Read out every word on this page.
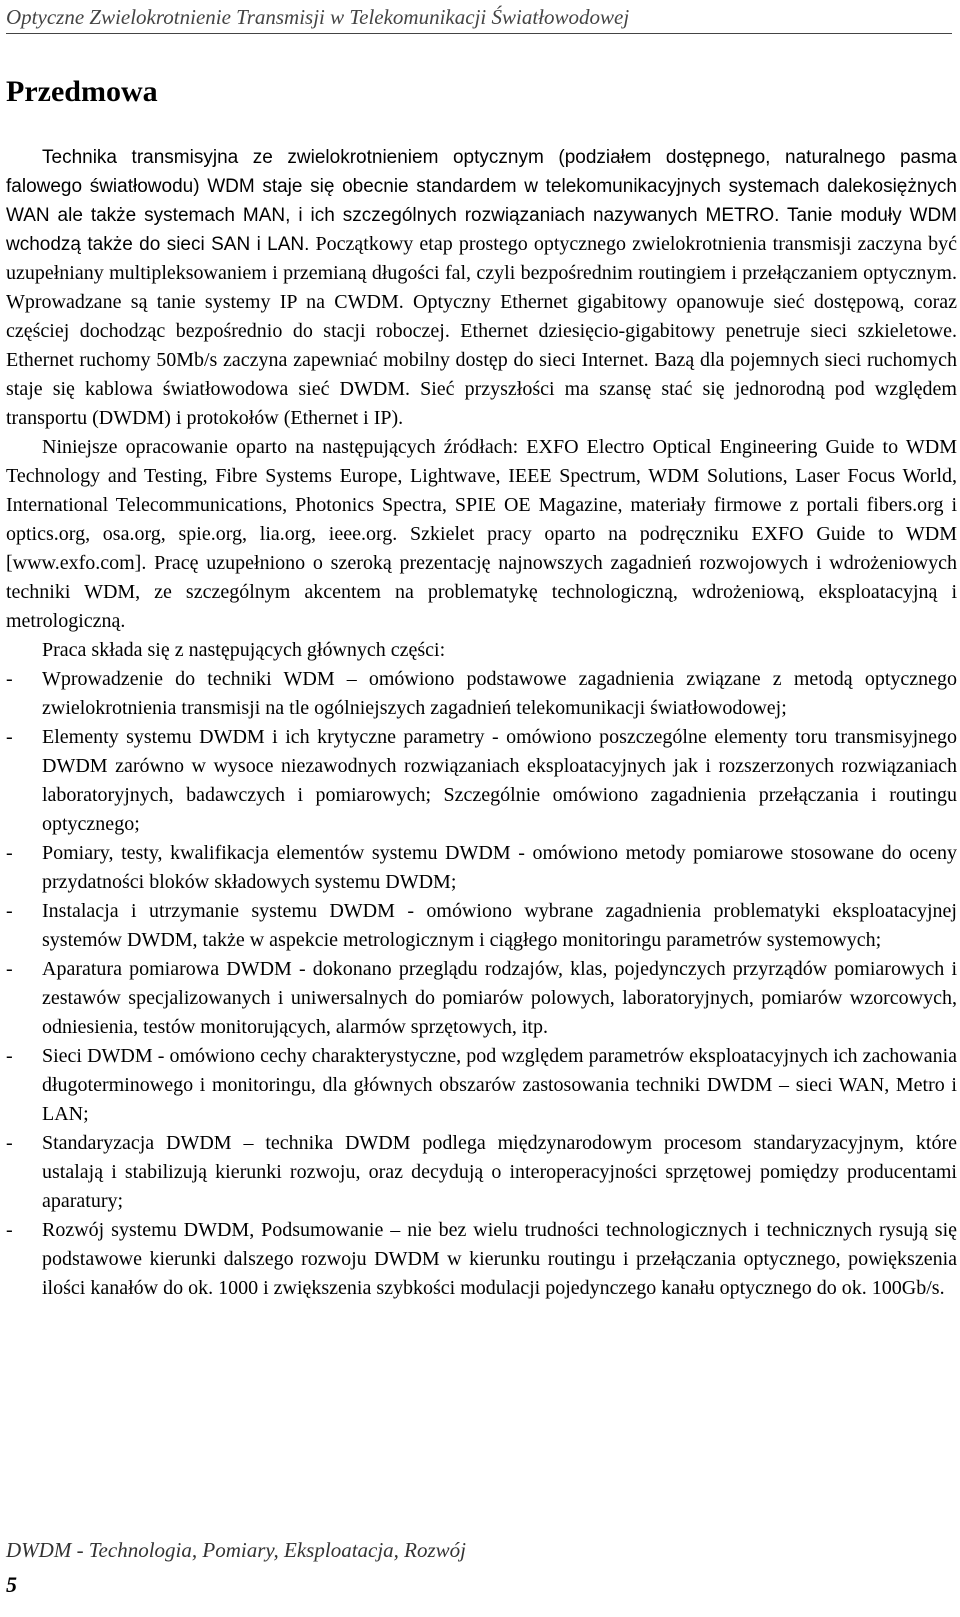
Optyczne Zwielokrotnienie Transmisji w Telekomunikacji Światłowodowej
Przedmowa

Technika transmisyjna ze zwielokrotnieniem optycznym (podziałem dostępnego, naturalnego pasma falowego światłowodu) WDM staje się obecnie standardem w telekomunikacyjnych systemach dalekosiężnych WAN ale także systemach MAN, i ich szczególnych rozwiązaniach nazywanych METRO. Tanie moduły WDM wchodzą także do sieci SAN i LAN. Początkowy etap prostego optycznego zwielokrotnienia transmisji zaczyna być uzupełniany multipleksowaniem i przemianą długości fal, czyli bezpośrednim routingiem i przełączaniem optycznym. Wprowadzane są tanie systemy IP na CWDM. Optyczny Ethernet gigabitowy opanowuje sieć dostępową, coraz częściej dochodząc bezpośrednio do stacji roboczej. Ethernet dziesięcio-gigabitowy penetruje sieci szkieletowe. Ethernet ruchomy 50Mb/s zaczyna zapewniać mobilny dostęp do sieci Internet. Bazą dla pojemnych sieci ruchomych staje się kablowa światłowodowa sieć DWDM. Sieć przyszłości ma szansę stać się jednorodną pod względem transportu (DWDM) i protokołów (Ethernet i IP).

Niniejsze opracowanie oparto na następujących źródłach: EXFO Electro Optical Engineering Guide to WDM Technology and Testing, Fibre Systems Europe, Lightwave, IEEE Spectrum, WDM Solutions, Laser Focus World, International Telecommunications, Photonics Spectra, SPIE OE Magazine, materiały firmowe z portali fibers.org i optics.org, osa.org, spie.org, lia.org, ieee.org. Szkielet pracy oparto na podręczniku EXFO Guide to WDM [www.exfo.com]. Pracę uzupełniono o szeroką prezentację najnowszych zagadnień rozwojowych i wdrożeniowych techniki WDM, ze szczególnym akcentem na problematykę technologiczną, wdrożeniową, eksploatacyjną i metrologiczną.

Praca składa się z następujących głównych części:

- Wprowadzenie do techniki WDM – omówiono podstawowe zagadnienia związane z metodą optycznego zwielokrotnienia transmisji na tle ogólniejszych zagadnień telekomunikacji światłowodowej;
- Elementy systemu DWDM i ich krytyczne parametry - omówiono poszczególne elementy toru transmisyjnego DWDM zarówno w wysoce niezawodnych rozwiązaniach eksploatacyjnych jak i rozszerzonych rozwiązaniach laboratoryjnych, badawczych i pomiarowych; Szczególnie omówiono zagadnienia przełączania i routingu optycznego;
- Pomiary, testy, kwalifikacja elementów systemu DWDM - omówiono metody pomiarowe stosowane do oceny przydatności bloków składowych systemu DWDM;
- Instalacja i utrzymanie systemu DWDM - omówiono wybrane zagadnienia problematyki eksploatacyjnej systemów DWDM, także w aspekcie metrologicznym i ciągłego monitoringu parametrów systemowych;
- Aparatura pomiarowa DWDM - dokonano przeglądu rodzajów, klas, pojedynczych przyrządów pomiarowych i zestawów specjalizowanych i uniwersalnych do pomiarów polowych, laboratoryjnych, pomiarów wzorcowych, odniesienia, testów monitorujących, alarmów sprzętowych, itp.
- Sieci DWDM - omówiono cechy charakterystyczne, pod względem parametrów eksploatacyjnych ich zachowania długoterminowego i monitoringu, dla głównych obszarów zastosowania techniki DWDM – sieci WAN, Metro i LAN;
- Standaryzacja DWDM – technika DWDM podlega międzynarodowym procesom standaryzacyjnym, które ustalają i stabilizują kierunki rozwoju, oraz decydują o interoperacyjności sprzętowej pomiędzy producentami aparatury;
- Rozwój systemu DWDM, Podsumowanie – nie bez wielu trudności technologicznych i technicznych rysują się podstawowe kierunki dalszego rozwoju DWDM w kierunku routingu i przełączania optycznego, powiększenia ilości kanałów do ok. 1000 i zwiększenia szybkości modulacji pojedynczego kanału optycznego do ok. 100Gb/s.
DWDM - Technologia, Pomiary, Eksploatacja, Rozwój
5
